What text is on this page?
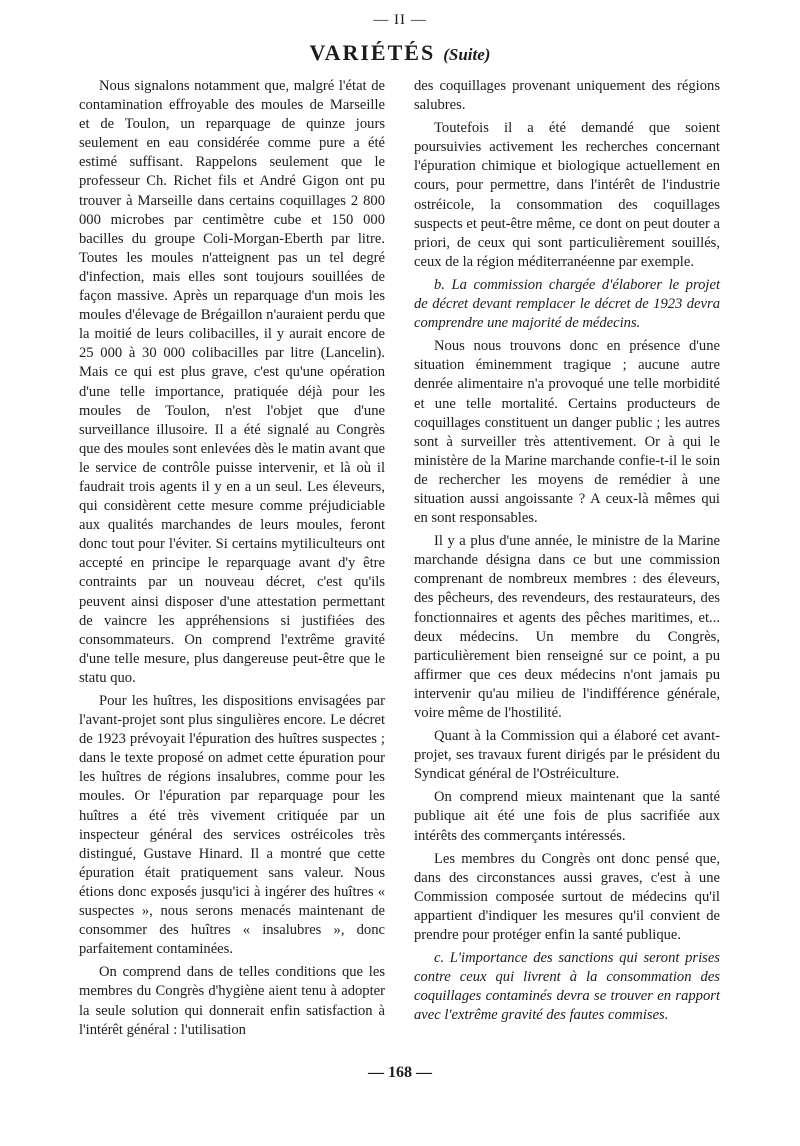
— II —
VARIÉTÉS (Suite)

Nous signalons notamment que, malgré l'état de contamination effroyable des moules de Marseille et de Toulon, un reparquage de quinze jours seulement en eau considérée comme pure a été estimé suffisant. Rappelons seulement que le professeur Ch. Richet fils et André Gigon ont pu trouver à Marseille dans certains coquillages 2 800 000 microbes par centimètre cube et 150 000 bacilles du groupe Coli-Morgan-Eberth par litre. Toutes les moules n'atteignent pas un tel degré d'infection, mais elles sont toujours souillées de façon massive. Après un reparquage d'un mois les moules d'élevage de Brégaillon n'auraient perdu que la moitié de leurs colibacilles, il y aurait encore de 25 000 à 30 000 colibacilles par litre (Lancelin). Mais ce qui est plus grave, c'est qu'une opération d'une telle importance, pratiquée déjà pour les moules de Toulon, n'est l'objet que d'une surveillance illusoire. Il a été signalé au Congrès que des moules sont enlevées dès le matin avant que le service de contrôle puisse intervenir, et là où il faudrait trois agents il y en a un seul. Les éleveurs, qui considèrent cette mesure comme préjudiciable aux qualités marchandes de leurs moules, feront donc tout pour l'éviter. Si certains mytiliculteurs ont accepté en principe le reparquage avant d'y être contraints par un nouveau décret, c'est qu'ils peuvent ainsi disposer d'une attestation permettant de vaincre les appréhensions si justifiées des consommateurs. On comprend l'extrême gravité d'une telle mesure, plus dangereuse peut-être que le statu quo.

Pour les huîtres, les dispositions envisagées par l'avant-projet sont plus singulières encore. Le décret de 1923 prévoyait l'épuration des huîtres suspectes ; dans le texte proposé on admet cette épuration pour les huîtres de régions insalubres, comme pour les moules. Or l'épuration par reparquage pour les huîtres a été très vivement critiquée par un inspecteur général des services ostréicoles très distingué, Gustave Hinard. Il a montré que cette épuration était pratiquement sans valeur. Nous étions donc exposés jusqu'ici à ingérer des huîtres « suspectes », nous serons menacés maintenant de consommer des huîtres « insalubres », donc parfaitement contaminées.

On comprend dans de telles conditions que les membres du Congrès d'hygiène aient tenu à adopter la seule solution qui donnerait enfin satisfaction à l'intérêt général : l'utilisation

des coquillages provenant uniquement des régions salubres.

Toutefois il a été demandé que soient poursuivies activement les recherches concernant l'épuration chimique et biologique actuellement en cours, pour permettre, dans l'intérêt de l'industrie ostréicole, la consommation des coquillages suspects et peut-être même, ce dont on peut douter a priori, de ceux qui sont particulièrement souillés, ceux de la région méditerranéenne par exemple.

b. La commission chargée d'élaborer le projet de décret devant remplacer le décret de 1923 devra comprendre une majorité de médecins.

Nous nous trouvons donc en présence d'une situation éminemment tragique ; aucune autre denrée alimentaire n'a provoqué une telle morbidité et une telle mortalité. Certains producteurs de coquillages constituent un danger public ; les autres sont à surveiller très attentivement. Or à qui le ministère de la Marine marchande confie-t-il le soin de rechercher les moyens de remédier à une situation aussi angoissante ? A ceux-là mêmes qui en sont responsables.

Il y a plus d'une année, le ministre de la Marine marchande désigna dans ce but une commission comprenant de nombreux membres : des éleveurs, des pêcheurs, des revendeurs, des restaurateurs, des fonctionnaires et agents des pêches maritimes, et... deux médecins. Un membre du Congrès, particulièrement bien renseigné sur ce point, a pu affirmer que ces deux médecins n'ont jamais pu intervenir qu'au milieu de l'indifférence générale, voire même de l'hostilité.

Quant à la Commission qui a élaboré cet avant-projet, ses travaux furent dirigés par le président du Syndicat général de l'Ostréiculture.

On comprend mieux maintenant que la santé publique ait été une fois de plus sacrifiée aux intérêts des commerçants intéressés.

Les membres du Congrès ont donc pensé que, dans des circonstances aussi graves, c'est à une Commission composée surtout de médecins qu'il appartient d'indiquer les mesures qu'il convient de prendre pour protéger enfin la santé publique.

c. L'importance des sanctions qui seront prises contre ceux qui livrent à la consommation des coquillages contaminés devra se trouver en rapport avec l'extrême gravité des fautes commises.

— 168 —
